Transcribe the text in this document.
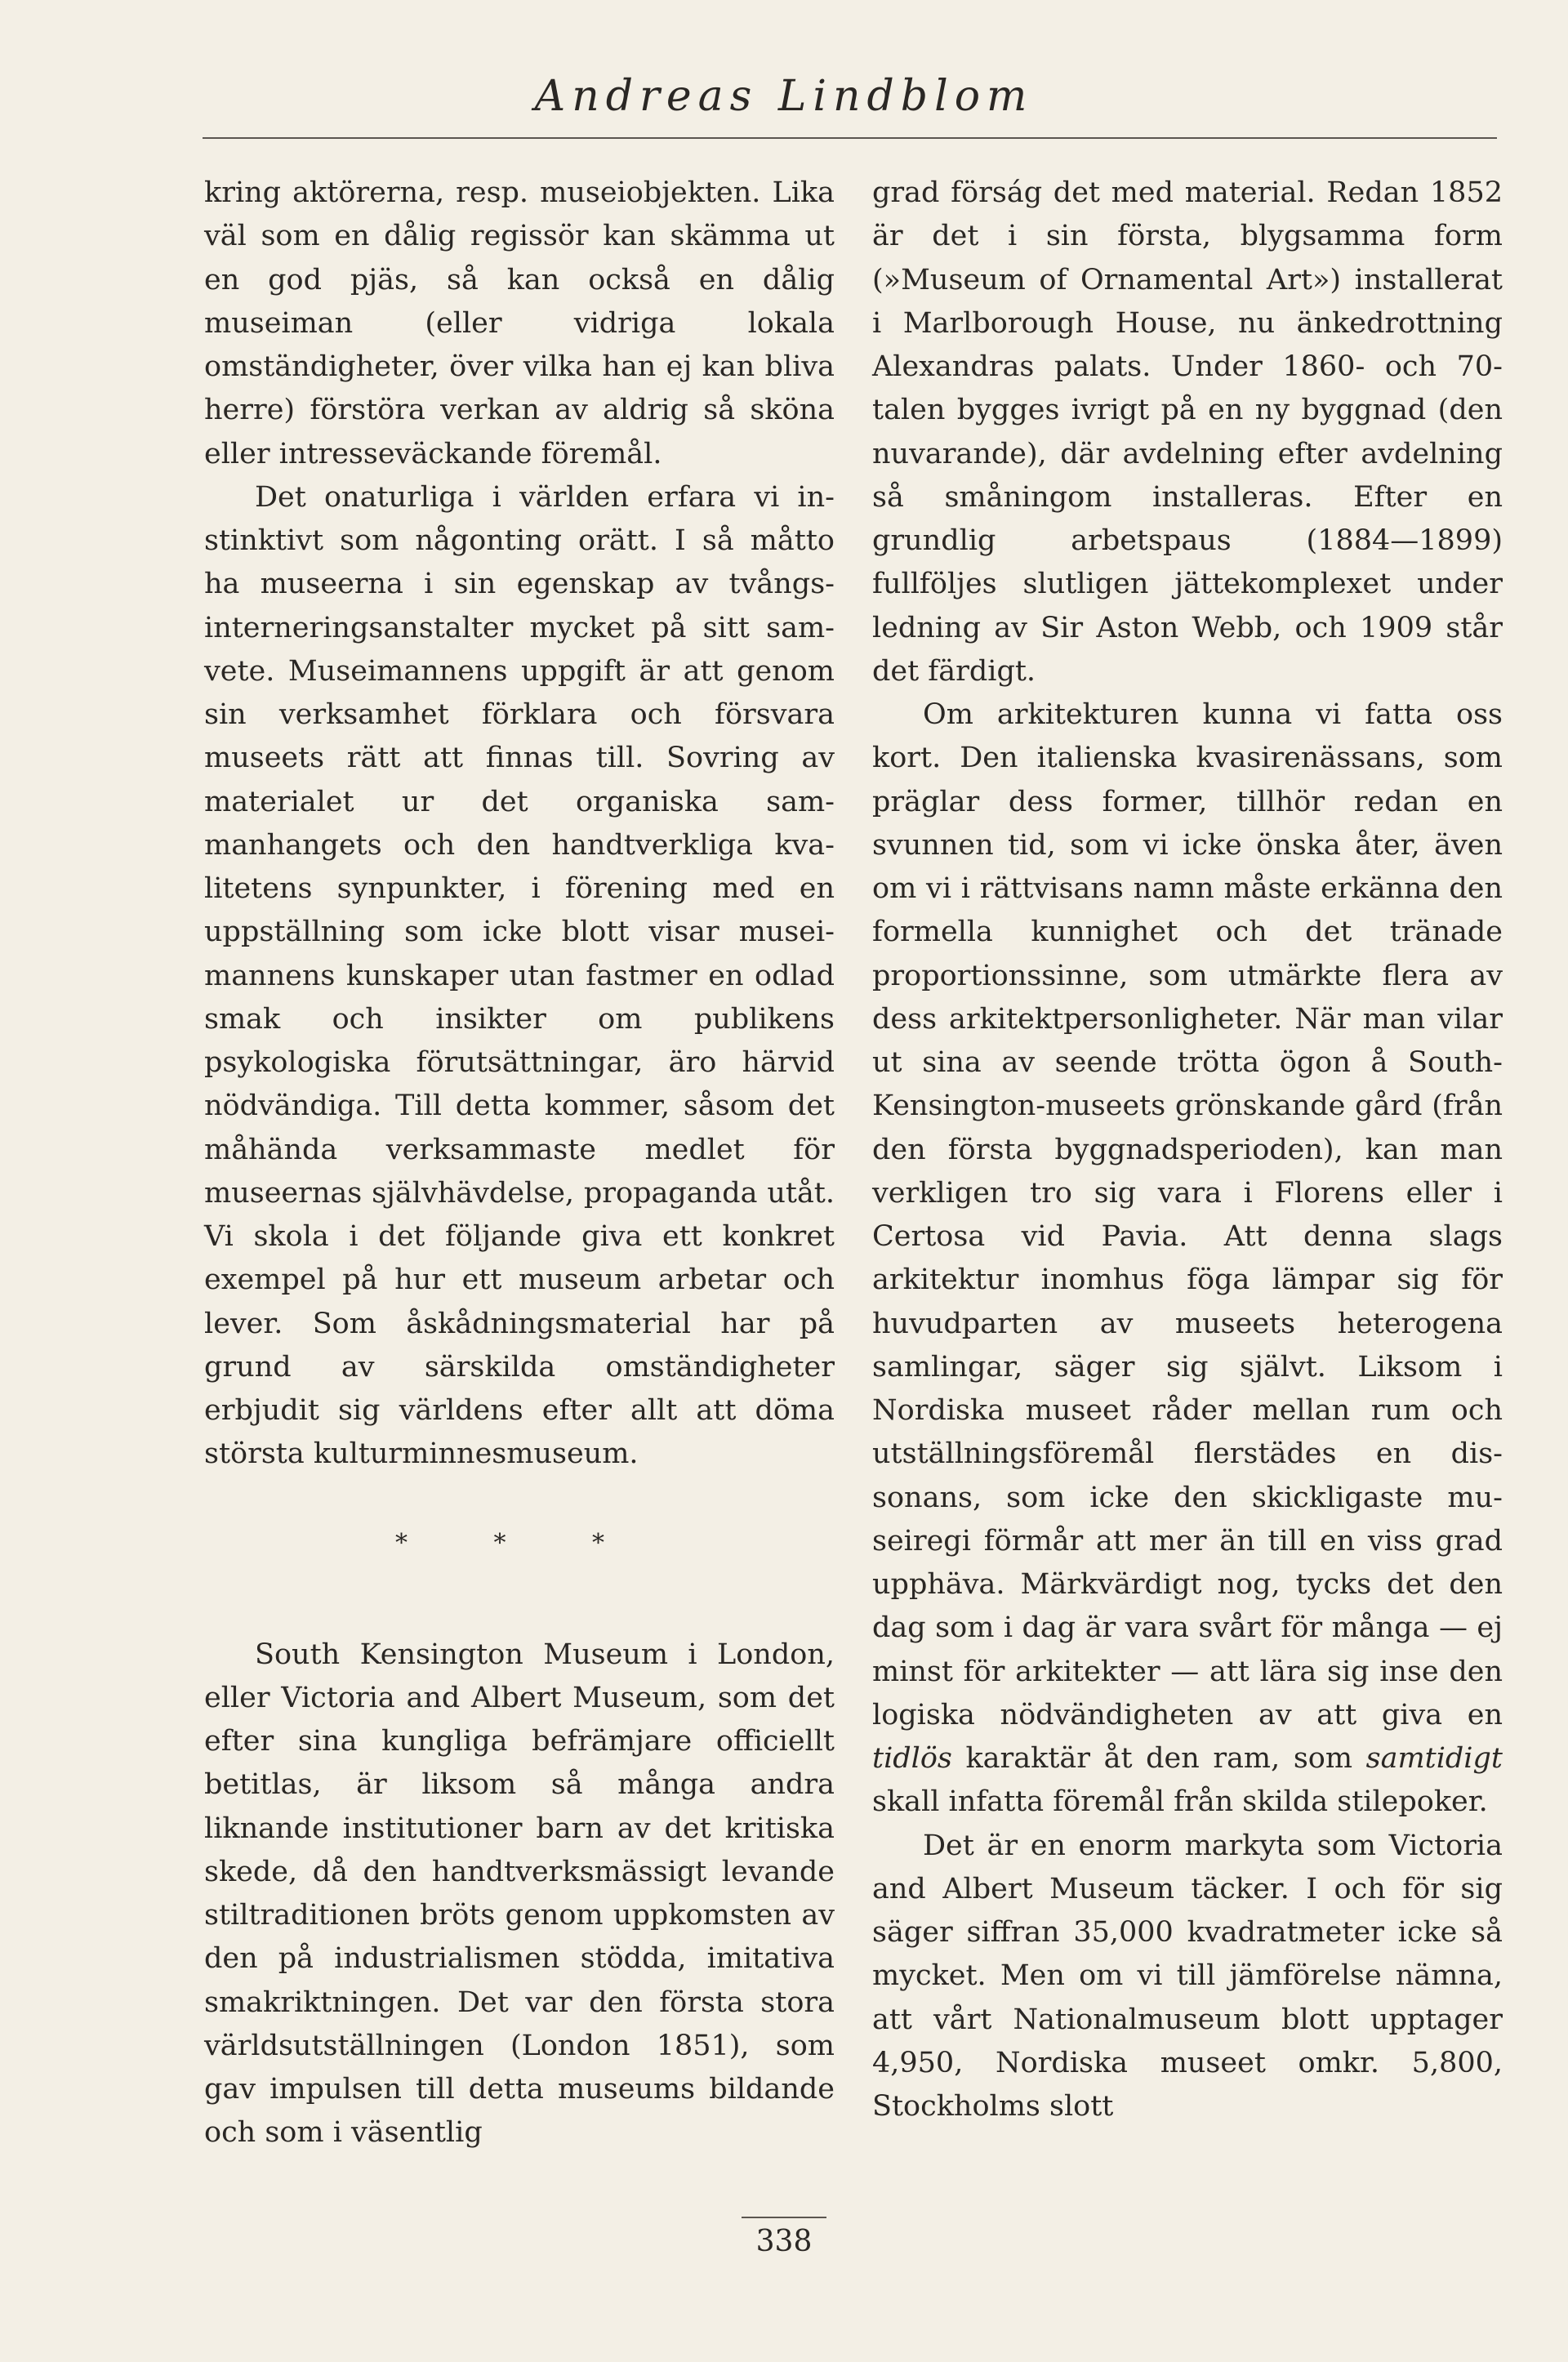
Andreas Lindblom

kring aktörerna, resp. museiobjekten. Lika väl som en dålig regissör kan skämma ut en god pjäs, så kan också en dålig museiman (eller vidriga lokala omständigheter, över vilka han ej kan bliva herre) förstöra verkan av aldrig så sköna eller intresseväckande föremål.

Det onaturliga i världen erfara vi instinktivt som någonting orätt. I så måtto ha museerna i sin egenskap av tvångsinterneringsanstalter mycket på sitt samvete. Museimannens uppgift är att genom sin verksamhet förklara och försvara museets rätt att finnas till. Sovring av materialet ur det organiska sammanhangets och den handtverkliga kvalitetens synpunkter, i förening med en uppställning som icke blott visar museimannens kunskaper utan fastmer en odlad smak och insikter om publikens psykologiska förutsättningar, äro härvid nödvändiga. Till detta kommer, såsom det måhända verksammaste medlet för museernas självhävdelse, propaganda utåt. Vi skola i det följande giva ett konkret exempel på hur ett museum arbetar och lever. Som åskådningsmaterial har på grund av särskilda omständigheter erbjudit sig världens efter allt att döma största kulturminnesmuseum.

* * *

South Kensington Museum i London, eller Victoria and Albert Museum, som det efter sina kungliga befrämjare officiellt betitlas, är liksom så många andra liknande institutioner barn av det kritiska skede, då den handtverksmässigt levande stiltraditionen bröts genom uppkomsten av den på industrialismen stödda, imitativa smakriktningen. Det var den första stora världsutställningen (London 1851), som gav impulsen till detta museums bildande och som i väsentlig

grad förság det med material. Redan 1852 är det i sin första, blygsamma form (»Museum of Ornamental Art») installerat i Marlborough House, nu änkedrottning Alexandras palats. Under 1860- och 70-talen bygges ivrigt på en ny byggnad (den nuvarande), där avdelning efter avdelning så småningom installeras. Efter en grundlig arbetspaus (1884—1899) fullföljes slutligen jättekomplexet under ledning av Sir Aston Webb, och 1909 står det färdigt.

Om arkitekturen kunna vi fatta oss kort. Den italienska kvasirenässans, som präglar dess former, tillhör redan en svunnen tid, som vi icke önska åter, även om vi i rättvisans namn måste erkänna den formella kunnighet och det tränade proportionssinne, som utmärkte flera av dess arkitektpersonligheter. När man vilar ut sina av seende trötta ögon å South-Kensington-museets grönskande gård (från den första byggnadsperioden), kan man verkligen tro sig vara i Florens eller i Certosa vid Pavia. Att denna slags arkitektur inomhus föga lämpar sig för huvudparten av museets heterogena samlingar, säger sig självt. Liksom i Nordiska museet råder mellan rum och utställningsföremål flerstädes en dissonans, som icke den skickligaste museiregi förmår att mer än till en viss grad upphäva. Märkvärdigt nog, tycks det den dag som i dag är vara svårt för många — ej minst för arkitekter — att lära sig inse den logiska nödvändigheten av att giva en tidlös karaktär åt den ram, som samtidigt skall infatta föremål från skilda stilepoker.

Det är en enorm markyta som Victoria and Albert Museum täcker. I och för sig säger siffran 35,000 kvadratmeter icke så mycket. Men om vi till jämförelse nämna, att vårt Nationalmuseum blott upptager 4,950, Nordiska museet omkr. 5,800, Stockholms slott

338
